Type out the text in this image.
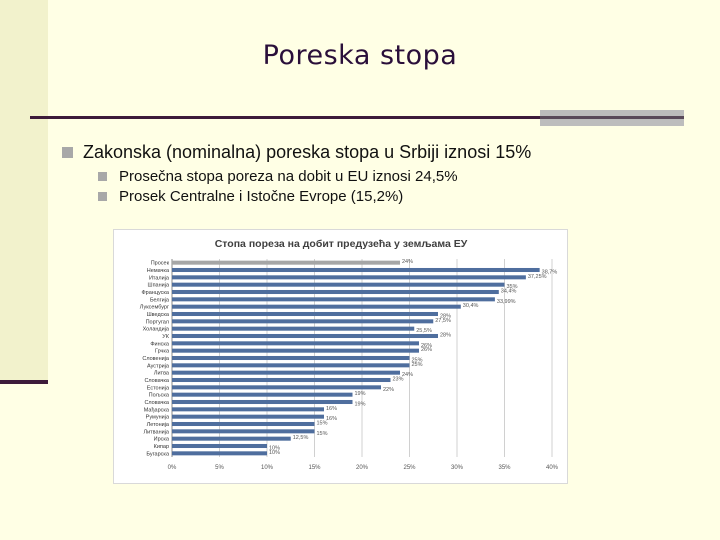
Poreska stopa
Zakonska (nominalna) poreska stopa u Srbiji iznosi 15%
Prosečna stopa poreza na dobit u EU iznosi 24,5%
Prosek Centralne i Istočne Evrope (15,2%)
Стопа пореза на добит предузећа у земљама ЕУ
0%	5%	10%	15%	20%	25%	30%	35%	40%
Просек	24%
Немачка	38,7%
Италија	37,25%
Шпанија	35%
Француска	34,4%
Белгија	33,99%
Луксембург	30,4%
Шведска	28%
Португал	27,5%
Холандија	25,5%
УК	28%
Финска	26%
Грчка	26%
Словенија	25%
Аустрија	25%
Литва	24%
Словачка	23%
Естонија	22%
Пољска	19%
Словачка	19%
Мађарска	16%
Румунија	16%
Летонија	15%
Литванија	15%
Ирска	12,5%
Кипар	10%
Бугарска	10%
